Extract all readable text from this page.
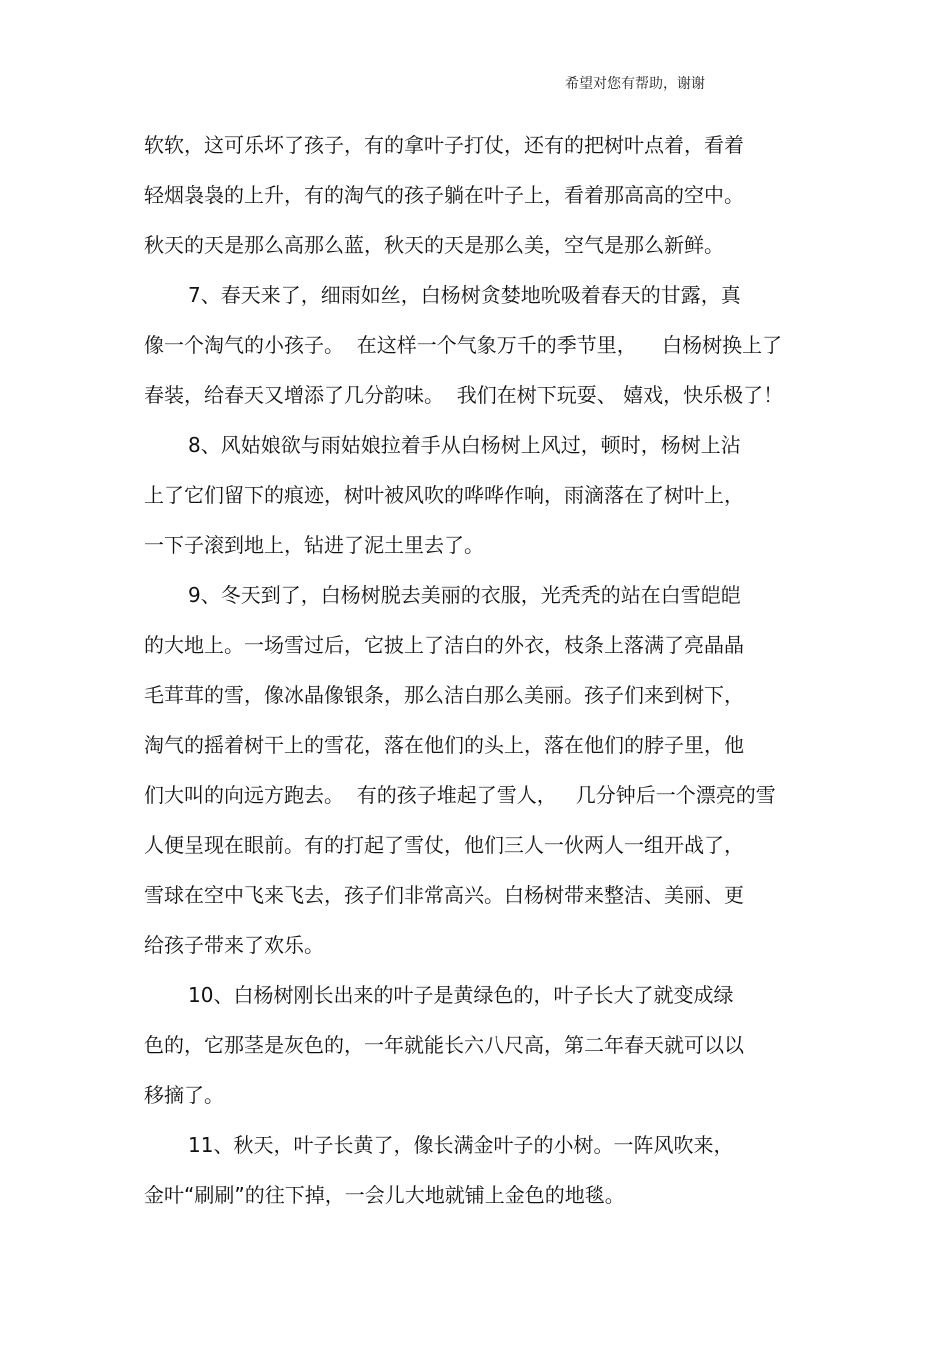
希望对您有帮助，谢谢
软软，这可乐坏了孩子，有的拿叶子打仗，还有的把树叶点着，看着
轻烟袅袅的上升，有的淘气的孩子躺在叶子上，看着那高高的空中。
秋天的天是那么高那么蓝，秋天的天是那么美，空气是那么新鲜。
7、春天来了，细雨如丝，白杨树贪婪地吮吸着春天的甘露，真
像一个淘气的小孩子。  在这样一个气象万千的季节里，    白杨树换上了
春装，给春天又增添了几分韵味。  我们在树下玩耍、 嬉戏，快乐极了！
8、风姑娘欲与雨姑娘拉着手从白杨树上风过，顿时，杨树上沾
上了它们留下的痕迹，树叶被风吹的哗哗作响，雨滴落在了树叶上，
一下子滚到地上，钻进了泥土里去了。
9、冬天到了，白杨树脱去美丽的衣服，光秃秃的站在白雪皑皑
的大地上。一场雪过后，它披上了洁白的外衣，枝条上落满了亮晶晶
毛茸茸的雪，像冰晶像银条，那么洁白那么美丽。孩子们来到树下，
淘气的摇着树干上的雪花，落在他们的头上，落在他们的脖子里，他
们大叫的向远方跑去。  有的孩子堆起了雪人，   几分钟后一个漂亮的雪
人便呈现在眼前。有的打起了雪仗，他们三人一伙两人一组开战了，
雪球在空中飞来飞去，孩子们非常高兴。白杨树带来整洁、美丽、更
给孩子带来了欢乐。
10、白杨树刚长出来的叶子是黄绿色的，叶子长大了就变成绿
色的，它那茎是灰色的，一年就能长六八尺高，第二年春天就可以以
移摘了。
11、秋天，叶子长黄了，像长满金叶子的小树。一阵风吹来，
金叶“刷刷”的往下掉，一会儿大地就铺上金色的地毯。
